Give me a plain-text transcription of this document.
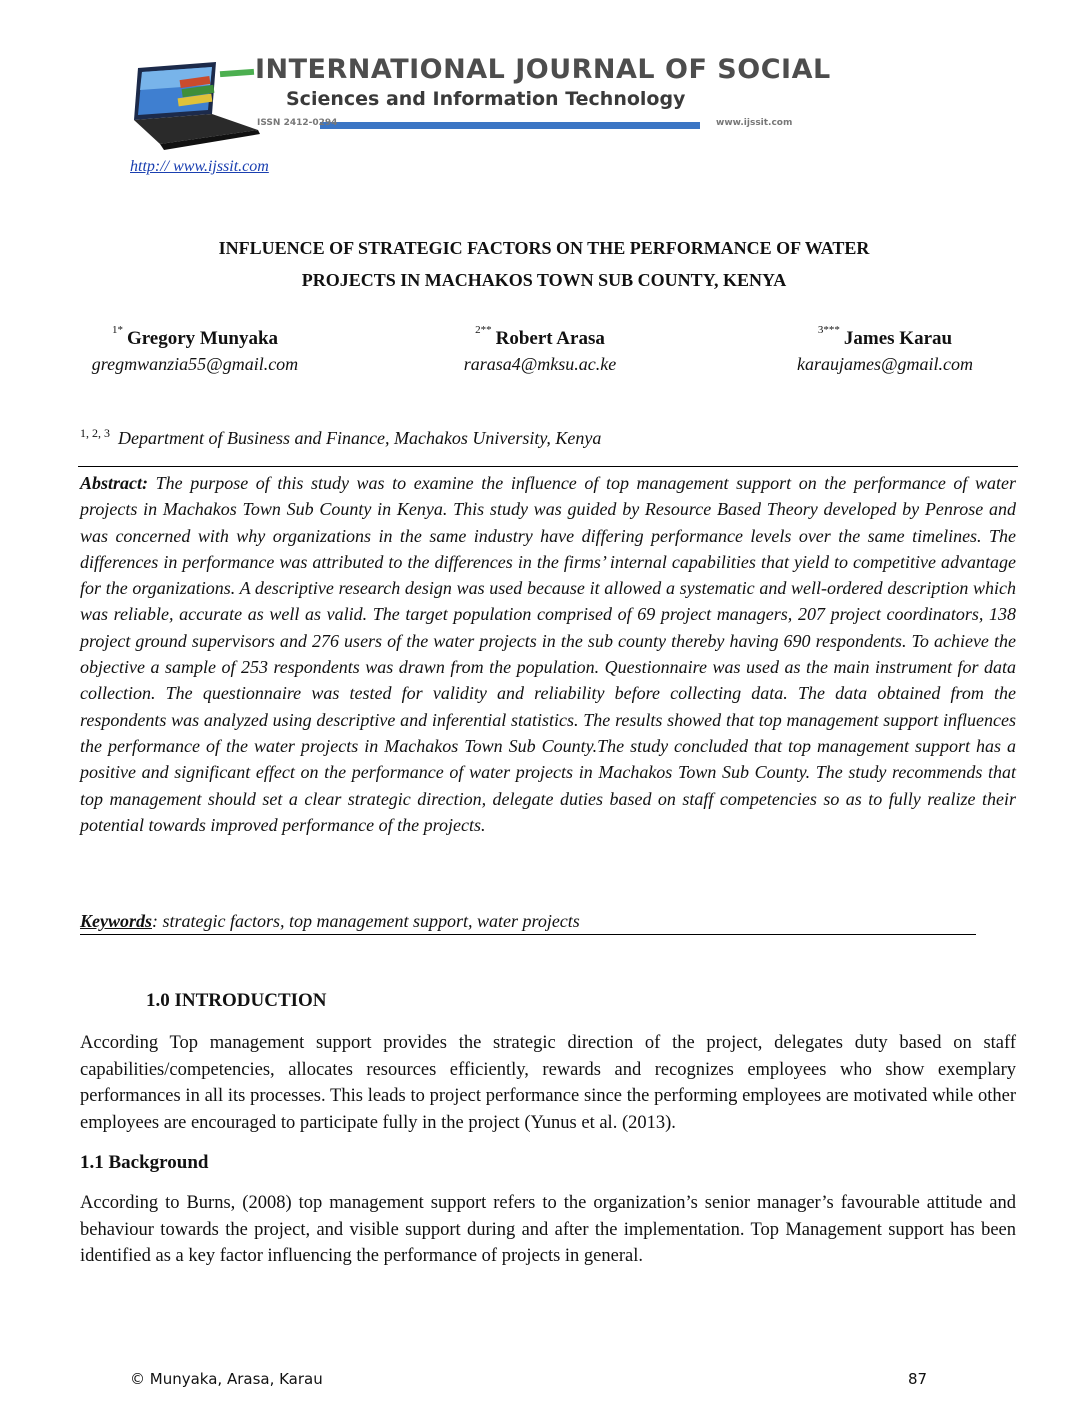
INTERNATIONAL JOURNAL OF SOCIAL
Sciences and Information Technology
ISSN 2412-0294	www.ijssit.com
http:// www.ijssit.com
INFLUENCE OF STRATEGIC FACTORS ON THE PERFORMANCE OF WATER
PROJECTS IN MACHAKOS TOWN SUB COUNTY, KENYA
$^{1*}$ Gregory Munyaka
gregmwanzia55@gmail.com
$^{2**}$ Robert Arasa
rarasa4@mksu.ac.ke
$^{3***}$ James Karau
karaujames@gmail.com
$^{1, 2, 3}$ Department of Business and Finance, Machakos University, Kenya
Abstract: The purpose of this study was to examine the influence of top management support on the performance of water projects in Machakos Town Sub County in Kenya. This study was guided by Resource Based Theory developed by Penrose and was concerned with why organizations in the same industry have differing performance levels over the same timelines. The differences in performance was attributed to the differences in the firms’ internal capabilities that yield to competitive advantage for the organizations. A descriptive research design was used because it allowed a systematic and well-ordered description which was reliable, accurate as well as valid. The target population comprised of 69 project managers, 207 project coordinators, 138 project ground supervisors and 276 users of the water projects in the sub county thereby having 690 respondents. To achieve the objective a sample of 253 respondents was drawn from the population. Questionnaire was used as the main instrument for data collection. The questionnaire was tested for validity and reliability before collecting data. The data obtained from the respondents was analyzed using descriptive and inferential statistics. The results showed that top management support influences the performance of the water projects in Machakos Town Sub County.The study concluded that top management support has a positive and significant effect on the performance of water projects in Machakos Town Sub County. The study recommends that top management should set a clear strategic direction, delegate duties based on staff competencies so as to fully realize their potential towards improved performance of the projects.
Keywords: strategic factors, top management support, water projects
1.0 INTRODUCTION
According Top management support provides the strategic direction of the project, delegates duty based on staff capabilities/competencies, allocates resources efficiently, rewards and recognizes employees who show exemplary performances in all its processes. This leads to project performance since the performing employees are motivated while other employees are encouraged to participate fully in the project (Yunus et al. (2013).
1.1 Background
According to Burns, (2008) top management support refers to the organization’s senior manager’s favourable attitude and behaviour towards the project, and visible support during and after the implementation. Top Management support has been identified as a key factor influencing the performance of projects in general.
© Munyaka, Arasa, Karau	87
